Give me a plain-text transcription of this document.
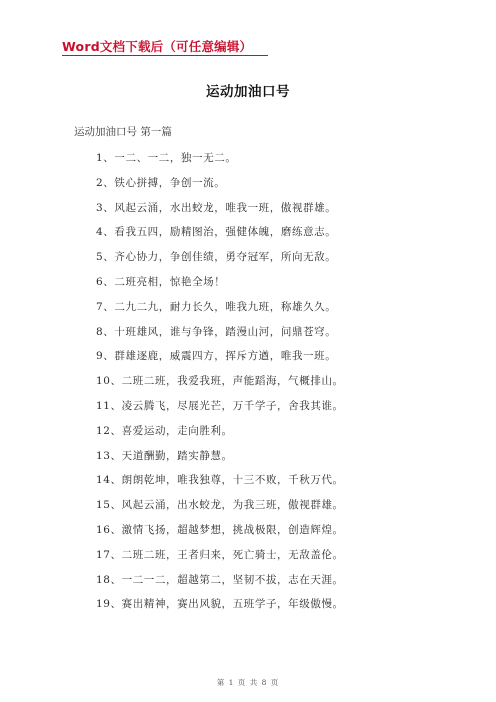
Word文档下载后（可任意编辑）
运动加油口号
运动加油口号 第一篇
1、一二、一二，独一无二。
2、铁心拼搏，争创一流。
3、风起云涌，水出蛟龙，唯我一班，傲视群雄。
4、看我五四，励精图治，强健体魄，磨练意志。
5、齐心协力，争创佳绩，勇夺冠军，所向无敌。
6、二班亮相，惊艳全场！
7、二九二九，耐力长久，唯我九班，称雄久久。
8、十班雄风，谁与争锋，踏漫山河，问鼎苍穹。
9、群雄逐鹿，威震四方，挥斥方遒，唯我一班。
10、二班二班，我爱我班，声能蹈海，气概排山。
11、凌云腾飞，尽展光芒，万千学子，舍我其谁。
12、喜爱运动，走向胜利。
13、天道酬勤，踏实静慧。
14、朗朗乾坤，唯我独尊，十三不败，千秋万代。
15、风起云涌，出水蛟龙，为我三班，傲视群雄。
16、激情飞扬，超越梦想，挑战极限，创造辉煌。
17、二班二班，王者归来，死亡骑士，无敌盖伦。
18、一二一二，超越第二，坚韧不拔，志在天涯。
19、赛出精神，赛出风貌，五班学子，年级傲慢。
第 1 页 共 8 页
